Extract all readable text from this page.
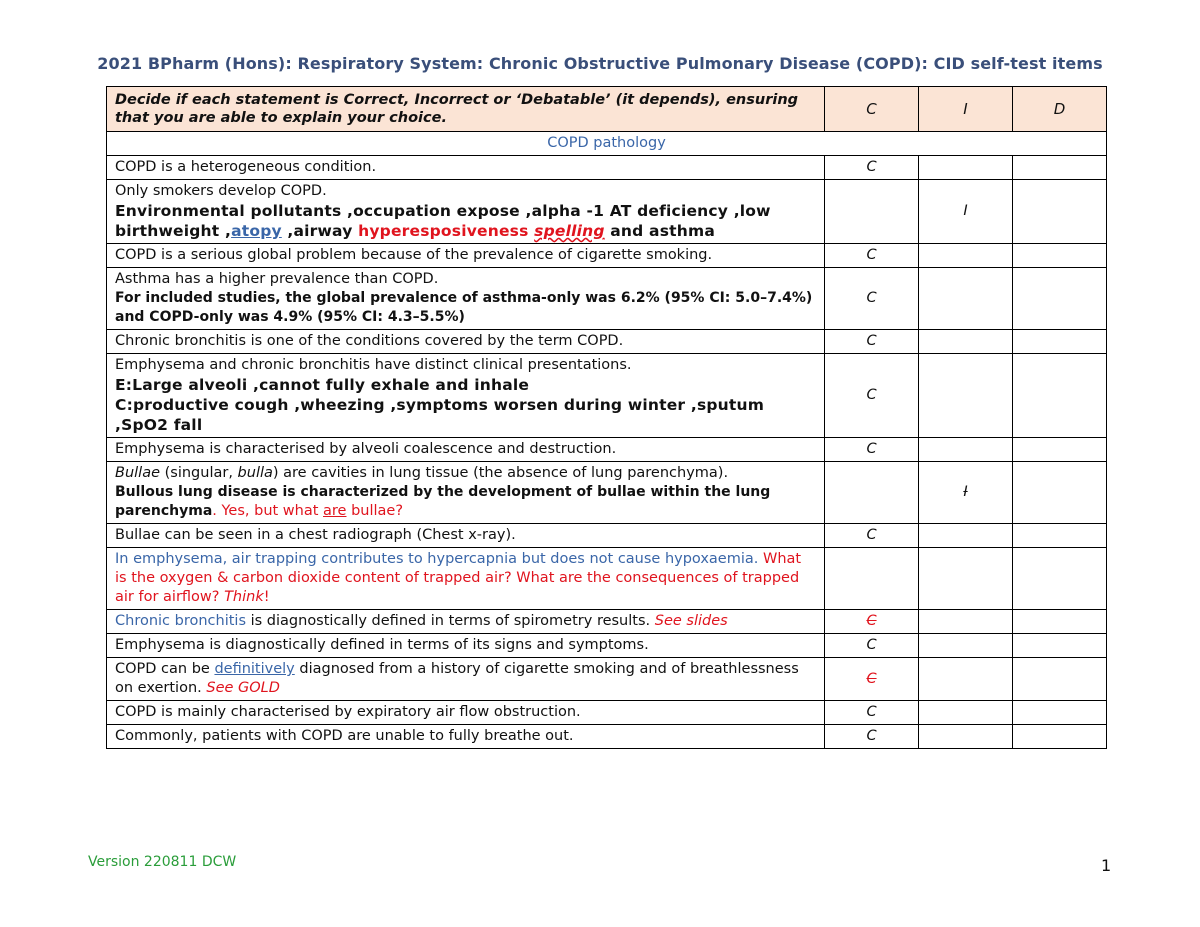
2021 BPharm (Hons): Respiratory System: Chronic Obstructive Pulmonary Disease (COPD): CID self-test items
Decide if each statement is Correct, Incorrect or ‘Debatable’ (it depends), ensuring that you are able to explain your choice.	C	I	D
COPD pathology			
COPD is a heterogeneous condition.	C		

Only smokers develop COPD.
Environmental pollutants ,occupation expose ,alpha -1 AT deficiency ,low birthweight ,atopy ,airway hyperesposiveness spelling and asthma		I	
COPD is a serious global problem because of the prevalence of cigarette smoking.	C		

Asthma has a higher prevalence than COPD.
For included studies, the global prevalence of asthma-only was 6.2% (95% CI: 5.0–7.4%) and COPD-only was 4.9% (95% CI: 4.3–5.5%)	C		
Chronic bronchitis is one of the conditions covered by the term COPD.	C		

Emphysema and chronic bronchitis have distinct clinical presentations.
E:Large alveoli ,cannot fully exhale and inhale
C:productive cough ,wheezing ,symptoms worsen during winter ,sputum ,SpO2 fall	C		
Emphysema is characterised by alveoli coalescence and destruction.	C		

Bullae (singular, bulla) are cavities in lung tissue (the absence of lung parenchyma).
Bullous lung disease is characterized by the development of bullae within the lung parenchyma. Yes, but what are bullae?		I	
Bullae can be seen in a chest radiograph (Chest x-ray).	C		
In emphysema, air trapping contributes to hypercapnia but does not cause hypoxaemia. What is the oxygen & carbon dioxide content of trapped air? What are the consequences of trapped air for airflow? Think!			
Chronic bronchitis is diagnostically defined in terms of spirometry results. See slides	C		
Emphysema is diagnostically defined in terms of its signs and symptoms.	C		
COPD can be definitively diagnosed from a history of cigarette smoking and of breathlessness on exertion. See GOLD	C		
COPD is mainly characterised by expiratory air flow obstruction.	C		
Commonly, patients with COPD are unable to fully breathe out.	C		
Version 220811 DCW	1
